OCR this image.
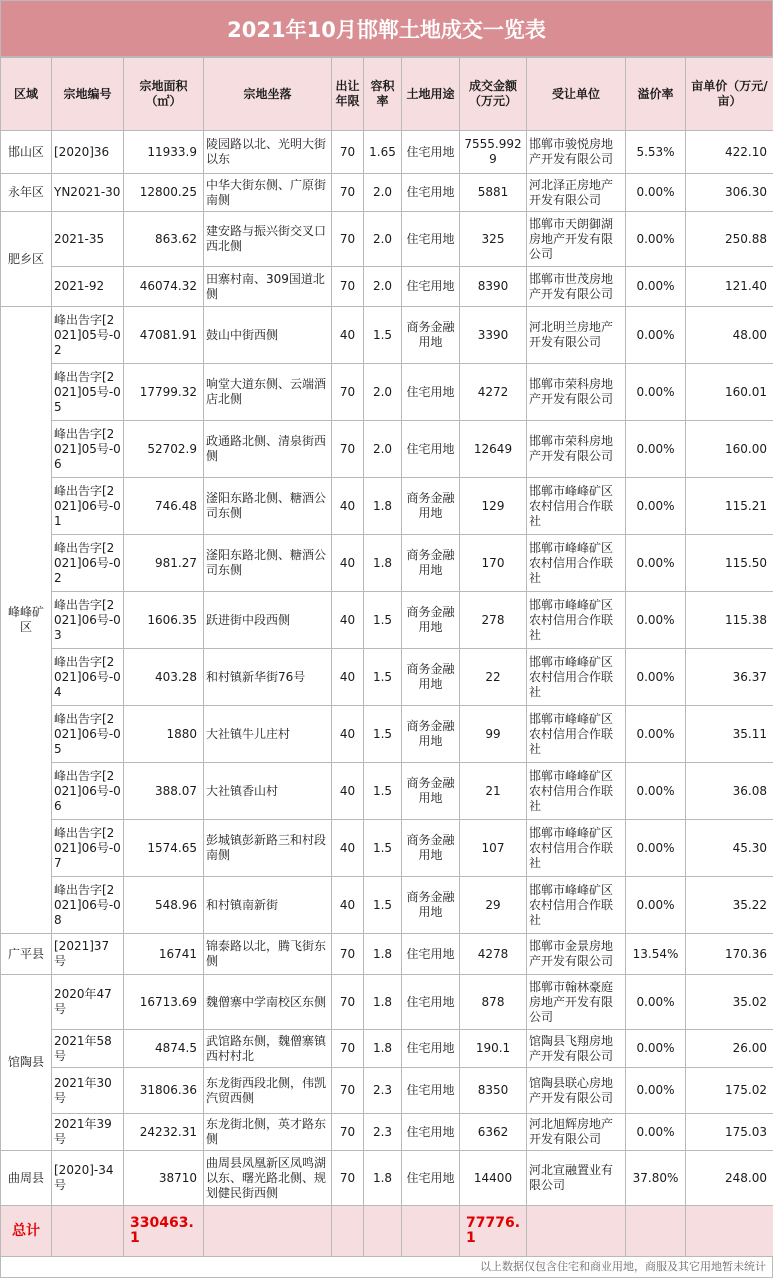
2021年10月邯郸土地成交一览表
区域	宗地编号	宗地面积（㎡）	宗地坐落	出让年限	容积率	土地用途	成交金额（万元）	受让单位	溢价率	亩单价（万元/亩）
邯山区	[2020]36	11933.9	陵园路以北、光明大街以东	70	1.65	住宅用地	7555.9929	邯郸市骏悦房地产开发有限公司	5.53%	422.10
永年区	YN2021-30	12800.25	中华大街东侧、广原街南侧	70	2.0	住宅用地	5881	河北泽正房地产开发有限公司	0.00%	306.30
肥乡区	2021-35	863.62	建安路与振兴街交叉口西北侧	70	2.0	住宅用地	325	邯郸市天朗御湖房地产开发有限公司	0.00%	250.88
	2021-92	46074.32	田寨村南、309国道北侧	70	2.0	住宅用地	8390	邯郸市世茂房地产开发有限公司	0.00%	121.40
峰峰矿区	峰出告字[2021]05号-02	47081.91	鼓山中街西侧	40	1.5	商务金融用地	3390	河北明兰房地产开发有限公司	0.00%	48.00
	峰出告字[2021]05号-05	17799.32	响堂大道东侧、云端酒店北侧	70	2.0	住宅用地	4272	邯郸市荣科房地产开发有限公司	0.00%	160.01
	峰出告字[2021]05号-06	52702.9	政通路北侧、清泉街西侧	70	2.0	住宅用地	12649	邯郸市荣科房地产开发有限公司	0.00%	160.00
	峰出告字[2021]06号-01	746.48	滏阳东路北侧、糖酒公司东侧	40	1.8	商务金融用地	129	邯郸市峰峰矿区农村信用合作联社	0.00%	115.21
	峰出告字[2021]06号-02	981.27	滏阳东路北侧、糖酒公司东侧	40	1.8	商务金融用地	170	邯郸市峰峰矿区农村信用合作联社	0.00%	115.50
	峰出告字[2021]06号-03	1606.35	跃进街中段西侧	40	1.5	商务金融用地	278	邯郸市峰峰矿区农村信用合作联社	0.00%	115.38
	峰出告字[2021]06号-04	403.28	和村镇新华街76号	40	1.5	商务金融用地	22	邯郸市峰峰矿区农村信用合作联社	0.00%	36.37
	峰出告字[2021]06号-05	1880	大社镇牛儿庄村	40	1.5	商务金融用地	99	邯郸市峰峰矿区农村信用合作联社	0.00%	35.11
	峰出告字[2021]06号-06	388.07	大社镇香山村	40	1.5	商务金融用地	21	邯郸市峰峰矿区农村信用合作联社	0.00%	36.08
	峰出告字[2021]06号-07	1574.65	彭城镇彭新路三和村段南侧	40	1.5	商务金融用地	107	邯郸市峰峰矿区农村信用合作联社	0.00%	45.30
	峰出告字[2021]06号-08	548.96	和村镇南新街	40	1.5	商务金融用地	29	邯郸市峰峰矿区农村信用合作联社	0.00%	35.22
广平县	[2021]37号	16741	锦泰路以北，腾飞街东侧	70	1.8	住宅用地	4278	邯郸市金景房地产开发有限公司	13.54%	170.36
馆陶县	2020年47号	16713.69	魏僧寨中学南校区东侧	70	1.8	住宅用地	878	邯郸市翰林豪庭房地产开发有限公司	0.00%	35.02
	2021年58号	4874.5	武馆路东侧，魏僧寨镇西村村北	70	1.8	住宅用地	190.1	馆陶县飞翔房地产开发有限公司	0.00%	26.00
	2021年30号	31806.36	东龙街西段北侧，伟凯汽贸西侧	70	2.3	住宅用地	8350	馆陶县联心房地产开发有限公司	0.00%	175.02
	2021年39号	24232.31	东龙街北侧，英才路东侧	70	2.3	住宅用地	6362	河北旭辉房地产开发有限公司	0.00%	175.03
曲周县	[2020]-34号	38710	曲周县凤凰新区凤鸣湖以东、曙光路北侧、规划健民街西侧	70	1.8	住宅用地	14400	河北宣融置业有限公司	37.80%	248.00
总计		330463.1					77776.1			
以上数据仅包含住宅和商业用地，商服及其它用地暂未统计
